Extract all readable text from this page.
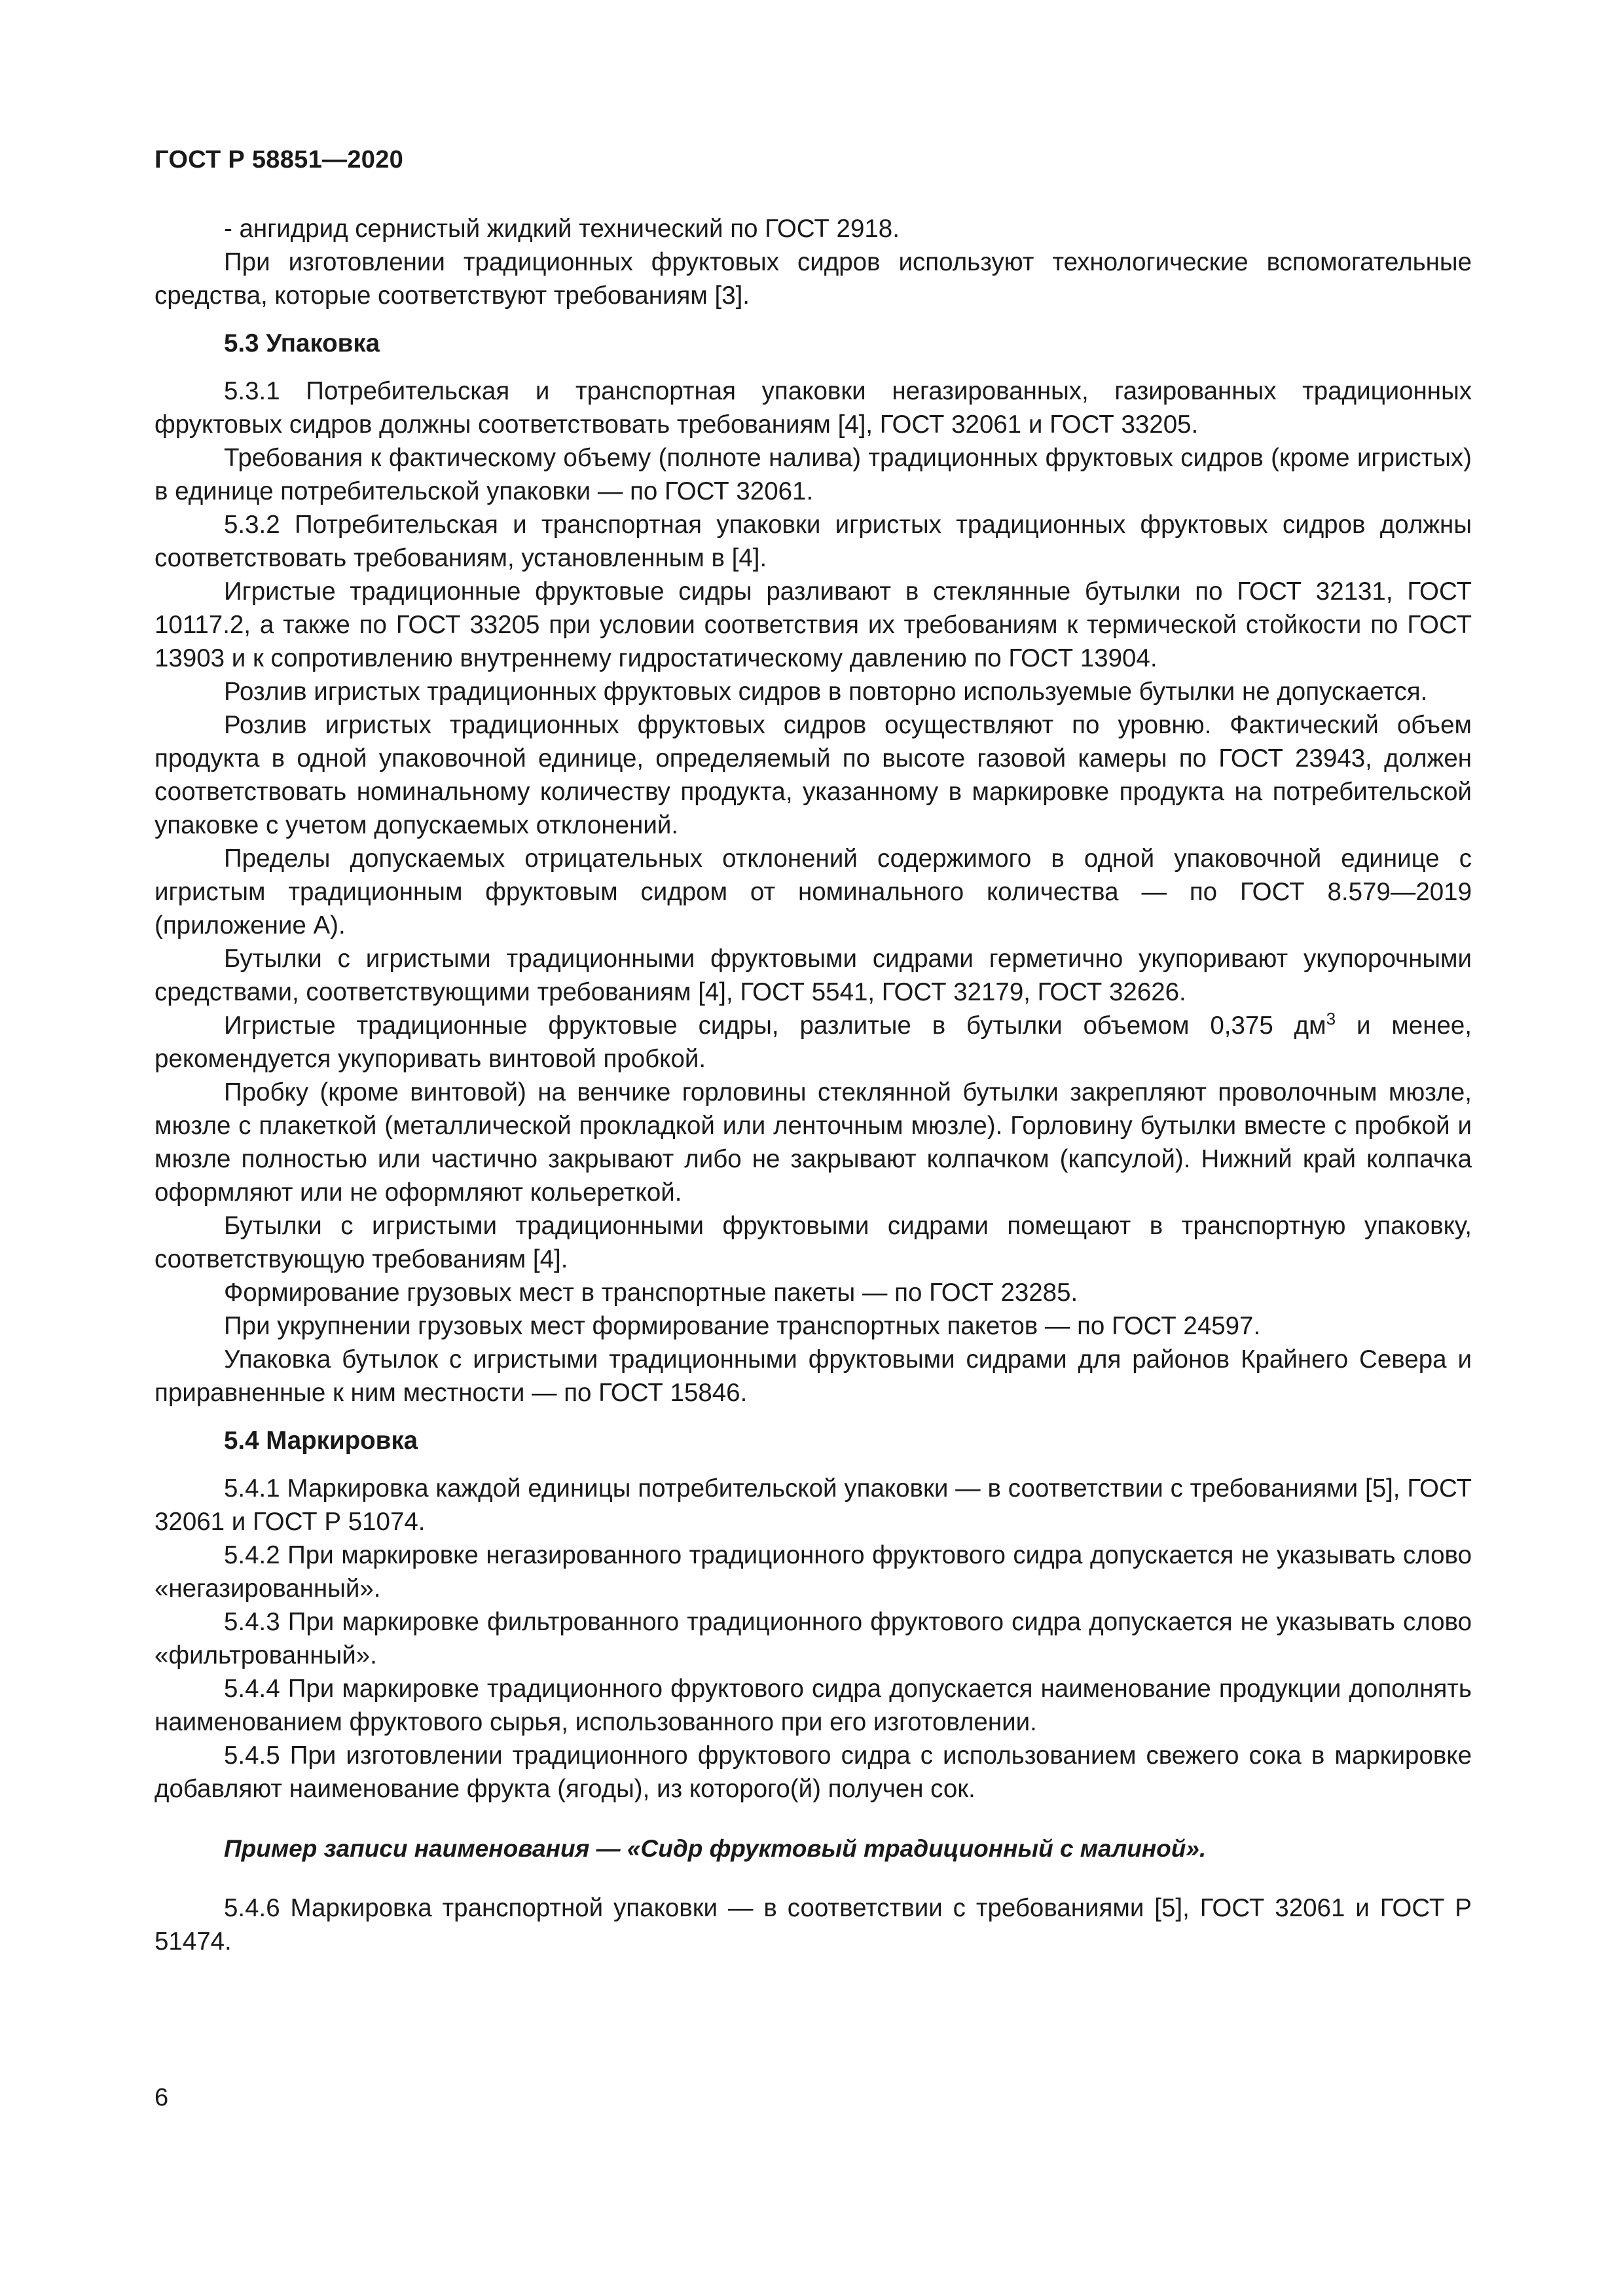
ГОСТ Р 58851—2020

- ангидрид сернистый жидкий технический по ГОСТ 2918.

При изготовлении традиционных фруктовых сидров используют технологические вспомогательные средства, которые соответствуют требованиям [3].

5.3 Упаковка

5.3.1 Потребительская и транспортная упаковки негазированных, газированных традиционных фруктовых сидров должны соответствовать требованиям [4], ГОСТ 32061 и ГОСТ 33205.

Требования к фактическому объему (полноте налива) традиционных фруктовых сидров (кроме игристых) в единице потребительской упаковки — по ГОСТ 32061.

5.3.2 Потребительская и транспортная упаковки игристых традиционных фруктовых сидров должны соответствовать требованиям, установленным в [4].

Игристые традиционные фруктовые сидры разливают в стеклянные бутылки по ГОСТ 32131, ГОСТ 10117.2, а также по ГОСТ 33205 при условии соответствия их требованиям к термической стойкости по ГОСТ 13903 и к сопротивлению внутреннему гидростатическому давлению по ГОСТ 13904.

Розлив игристых традиционных фруктовых сидров в повторно используемые бутылки не допускается.

Розлив игристых традиционных фруктовых сидров осуществляют по уровню. Фактический объем продукта в одной упаковочной единице, определяемый по высоте газовой камеры по ГОСТ 23943, должен соответствовать номинальному количеству продукта, указанному в маркировке продукта на потребительской упаковке с учетом допускаемых отклонений.

Пределы допускаемых отрицательных отклонений содержимого в одной упаковочной единице с игристым традиционным фруктовым сидром от номинального количества — по ГОСТ 8.579—2019 (приложение А).

Бутылки с игристыми традиционными фруктовыми сидрами герметично укупоривают укупорочными средствами, соответствующими требованиям [4], ГОСТ 5541, ГОСТ 32179, ГОСТ 32626.

Игристые традиционные фруктовые сидры, разлитые в бутылки объемом 0,375 $дм^3$ и менее, рекомендуется укупоривать винтовой пробкой.

Пробку (кроме винтовой) на венчике горловины стеклянной бутылки закрепляют проволочным мюзле, мюзле с плакеткой (металлической прокладкой или ленточным мюзле). Горловину бутылки вместе с пробкой и мюзле полностью или частично закрывают либо не закрывают колпачком (капсулой). Нижний край колпачка оформляют или не оформляют кольереткой.

Бутылки с игристыми традиционными фруктовыми сидрами помещают в транспортную упаковку, соответствующую требованиям [4].

Формирование грузовых мест в транспортные пакеты — по ГОСТ 23285.

При укрупнении грузовых мест формирование транспортных пакетов — по ГОСТ 24597.

Упаковка бутылок с игристыми традиционными фруктовыми сидрами для районов Крайнего Севера и приравненные к ним местности — по ГОСТ 15846.

5.4 Маркировка

5.4.1 Маркировка каждой единицы потребительской упаковки — в соответствии с требованиями [5], ГОСТ 32061 и ГОСТ Р 51074.

5.4.2 При маркировке негазированного традиционного фруктового сидра допускается не указывать слово «негазированный».

5.4.3 При маркировке фильтрованного традиционного фруктового сидра допускается не указывать слово «фильтрованный».

5.4.4 При маркировке традиционного фруктового сидра допускается наименование продукции дополнять наименованием фруктового сырья, использованного при его изготовлении.

5.4.5 При изготовлении традиционного фруктового сидра с использованием свежего сока в маркировке добавляют наименование фрукта (ягоды), из которого(й) получен сок.

Пример записи наименования — «Сидр фруктовый традиционный с малиной».

5.4.6 Маркировка транспортной упаковки — в соответствии с требованиями [5], ГОСТ 32061 и ГОСТ Р 51474.

6
